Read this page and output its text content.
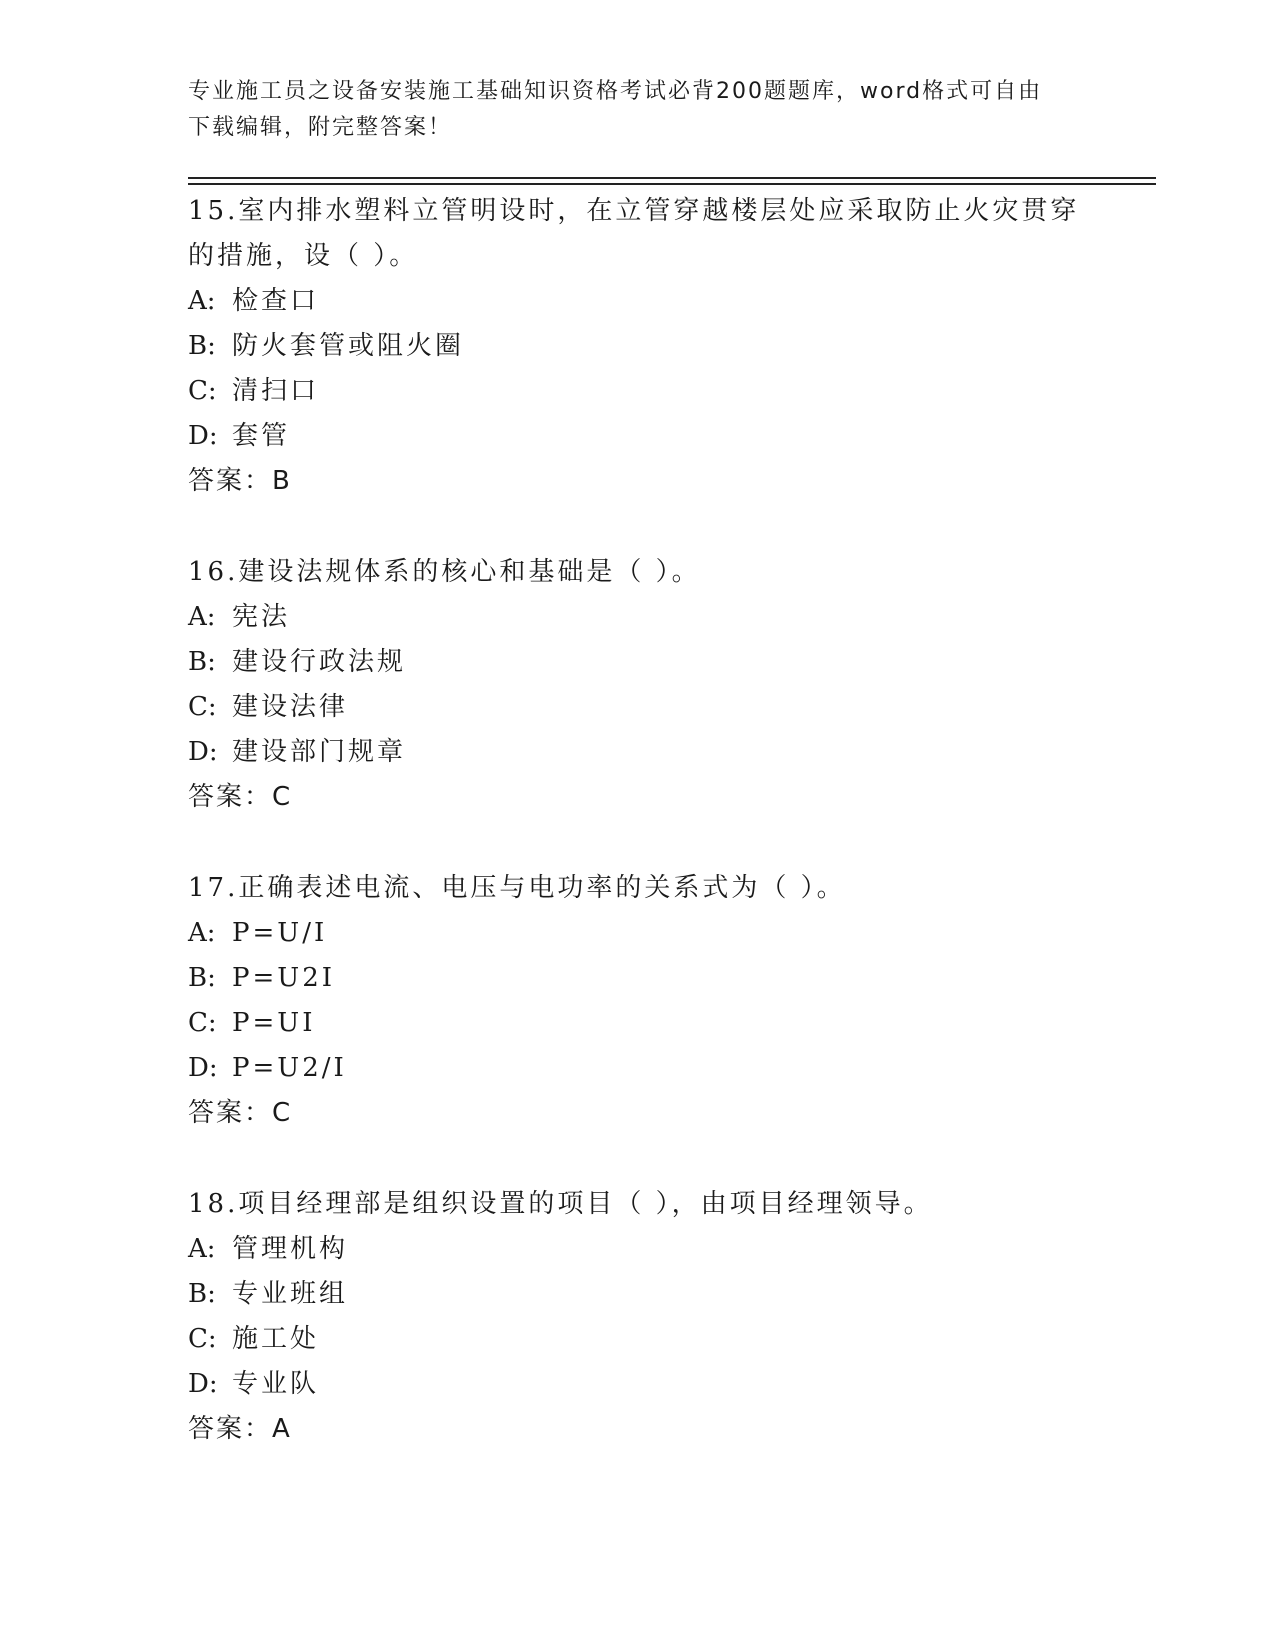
专业施工员之设备安装施工基础知识资格考试必背200题题库，word格式可自由
下载编辑，附完整答案！
15.室内排水塑料立管明设时，在立管穿越楼层处应采取防止火灾贯穿
的措施，设（ ）。
A: 检查口
B: 防火套管或阻火圈
C: 清扫口
D: 套管
答案：B
16.建设法规体系的核心和基础是（ ）。
A: 宪法
B: 建设行政法规
C: 建设法律
D: 建设部门规章
答案：C
17.正确表述电流、电压与电功率的关系式为（ ）。
A: P=U/I
B: P=U2I
C: P=UI
D: P=U2/I
答案：C
18.项目经理部是组织设置的项目（ ），由项目经理领导。
A: 管理机构
B: 专业班组
C: 施工处
D: 专业队
答案：A
